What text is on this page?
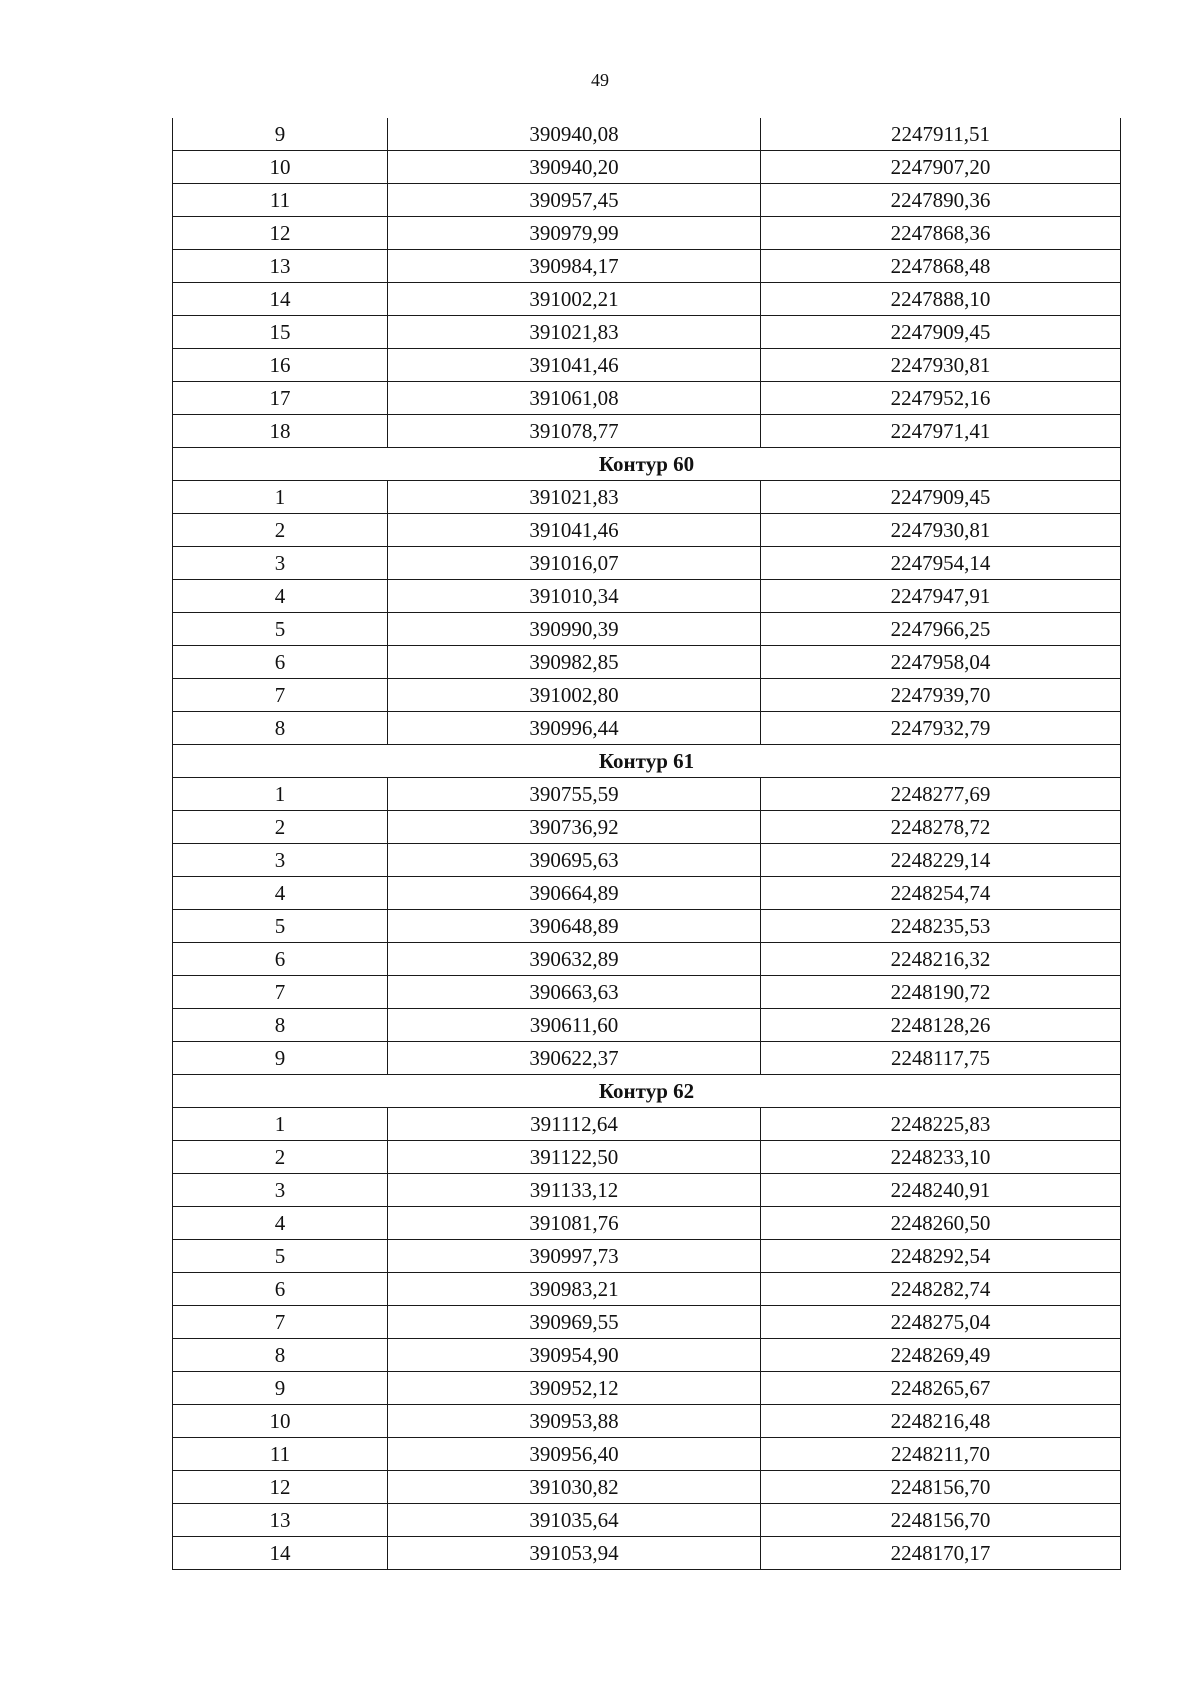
49
9	390940,08	2247911,51
10	390940,20	2247907,20
11	390957,45	2247890,36
12	390979,99	2247868,36
13	390984,17	2247868,48
14	391002,21	2247888,10
15	391021,83	2247909,45
16	391041,46	2247930,81
17	391061,08	2247952,16
18	391078,77	2247971,41
Контур 60		
1	391021,83	2247909,45
2	391041,46	2247930,81
3	391016,07	2247954,14
4	391010,34	2247947,91
5	390990,39	2247966,25
6	390982,85	2247958,04
7	391002,80	2247939,70
8	390996,44	2247932,79
Контур 61		
1	390755,59	2248277,69
2	390736,92	2248278,72
3	390695,63	2248229,14
4	390664,89	2248254,74
5	390648,89	2248235,53
6	390632,89	2248216,32
7	390663,63	2248190,72
8	390611,60	2248128,26
9	390622,37	2248117,75
Контур 62		
1	391112,64	2248225,83
2	391122,50	2248233,10
3	391133,12	2248240,91
4	391081,76	2248260,50
5	390997,73	2248292,54
6	390983,21	2248282,74
7	390969,55	2248275,04
8	390954,90	2248269,49
9	390952,12	2248265,67
10	390953,88	2248216,48
11	390956,40	2248211,70
12	391030,82	2248156,70
13	391035,64	2248156,70
14	391053,94	2248170,17
